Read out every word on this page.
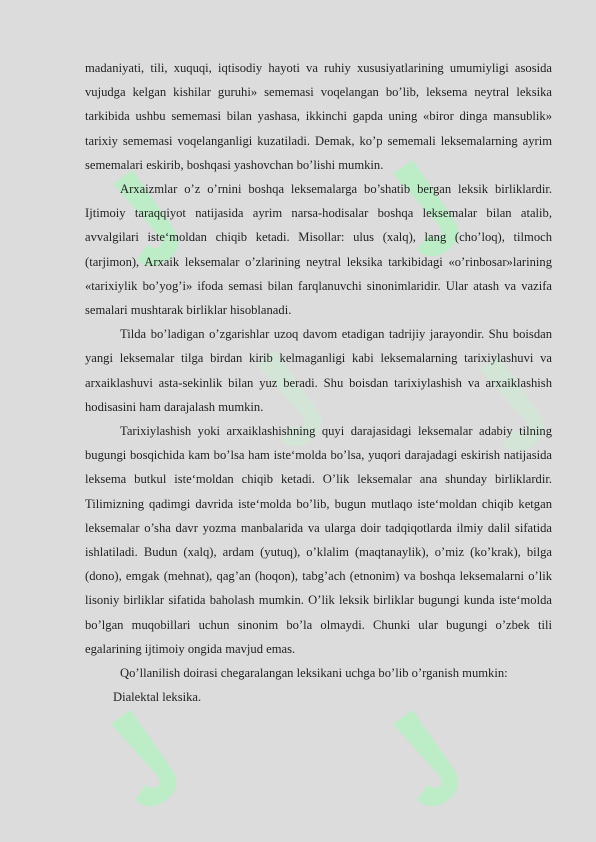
madaniyati, tili, xuquqi, iqtisodiy hayoti va ruhiy xususiyatlarining umumiyligi asosida vujudga kelgan kishilar guruhi» sememasi voqelangan bo’lib, leksema neytral leksika tarkibida ushbu sememasi bilan yashasa, ikkinchi gapda uning «biror dinga mansublik» tarixiy sememasi voqelanganligi kuzatiladi. Demak, ko’p sememali leksemalarning ayrim sememalari eskirib, boshqasi yashovchan bo’lishi mumkin.

Arxaizmlar o’z o’rnini boshqa leksemalarga bo’shatib bergan leksik birliklardir. Ijtimoiy taraqqiyot natijasida ayrim narsa-hodisalar boshqa leksemalar bilan atalib, avvalgilari iste‘moldan chiqib ketadi. Misollar: ulus (xalq), lang (cho’loq), tilmoch (tarjimon), Arxaik leksemalar o’zlarining neytral leksika tarkibidagi «o’rinbosar»larining «tarixiylik bo’yog’i» ifoda semasi bilan farqlanuvchi sinonimlaridir. Ular atash va vazifa semalari mushtarak birliklar hisoblanadi.

Tilda bo’ladigan o’zgarishlar uzoq davom etadigan tadrijiy jarayondir. Shu boisdan yangi leksemalar tilga birdan kirib kelmaganligi kabi leksemalarning tarixiylashuvi va arxaiklashuvi asta-sekinlik bilan yuz beradi. Shu boisdan tarixiylashish va arxaiklashish hodisasini ham darajalash mumkin.

Tarixiylashish yoki arxaiklashishning quyi darajasidagi leksemalar adabiy tilning bugungi bosqichida kam bo’lsa ham iste‘molda bo’lsa, yuqori darajadagi eskirish natijasida leksema butkul iste‘moldan chiqib ketadi. O’lik leksemalar ana shunday birliklardir. Tilimizning qadimgi davrida iste‘molda bo’lib, bugun mutlaqo iste‘moldan chiqib ketgan leksemalar o’sha davr yozma manbalarida va ularga doir tadqiqotlarda ilmiy dalil sifatida ishlatiladi. Budun (xalq), ardam (yutuq), o’klalim (maqtanaylik), o’miz (ko’krak), bilga (dono), emgak (mehnat), qag’an (hoqon), tabg’ach (etnonim) va boshqa leksemalarni o’lik lisoniy birliklar sifatida baholash mumkin. O’lik leksik birliklar bugungi kunda iste‘molda bo’lgan muqobillari uchun sinonim bo’la olmaydi. Chunki ular bugungi o’zbek tili egalarining ijtimoiy ongida mavjud emas.

Qo’llanilish doirasi chegaralangan leksikani uchga bo’lib o’rganish mumkin:

Dialektal leksika.
